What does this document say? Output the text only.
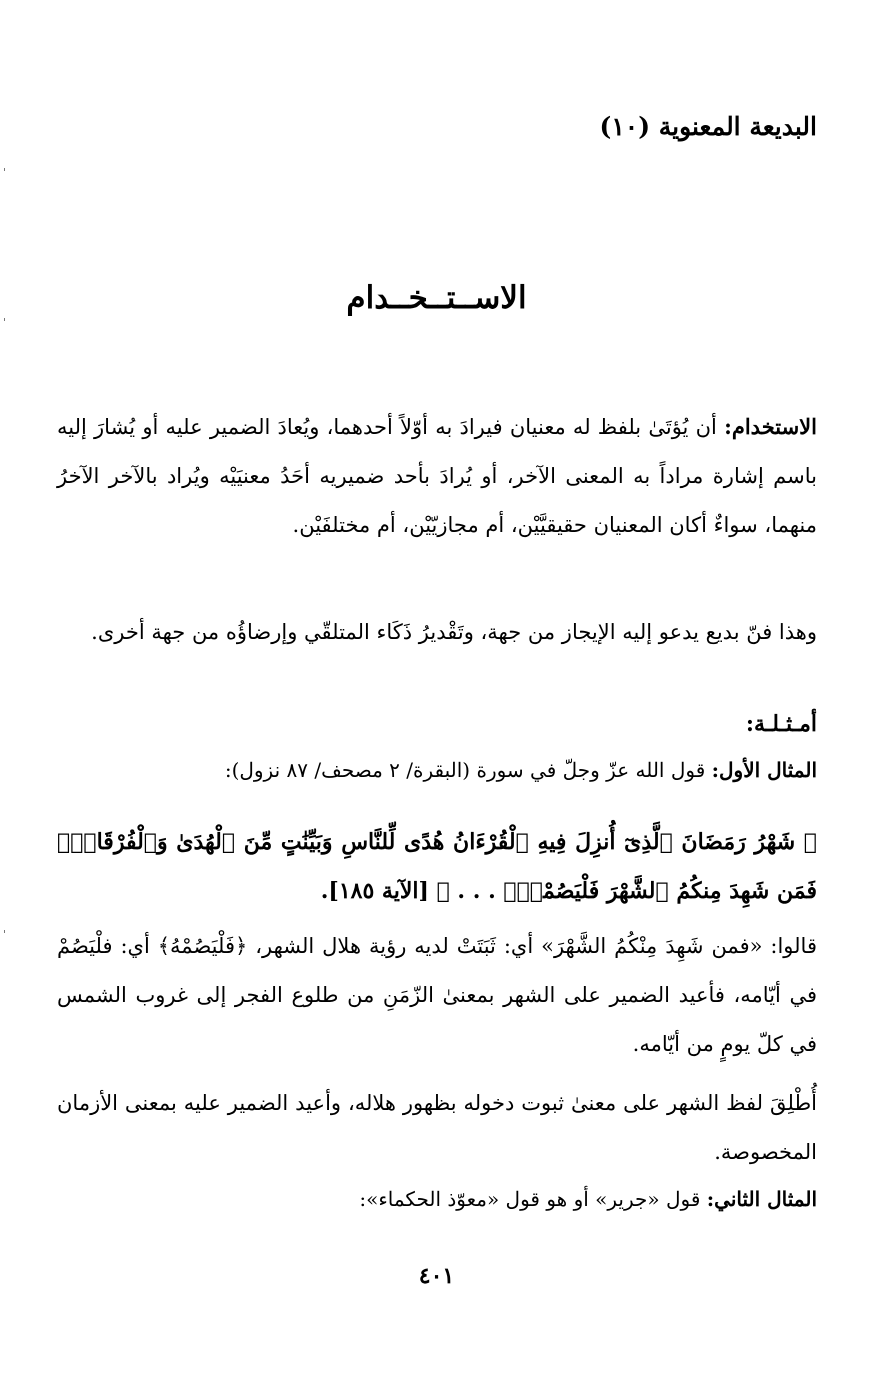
البديعة المعنوية (١٠)
الاســتــخــدام
الاستخدام: أن يُؤتَىٰ بلفظ له معنيان فيرادَ به أوّلاً أحدهما، ويُعادَ الضمير عليه أو يُشارَ إليه باسم إشارة مراداً به المعنى الآخر، أو يُرادَ بأحد ضميريه أحَدُ معنيَيْه ويُراد بالآخر الآخرُ منهما، سواءٌ أكان المعنيان حقيقيَّيْن، أم مجازيّيْن، أم مختلفَيْن.
وهذا فنّ بديع يدعو إليه الإيجاز من جهة، وتَقْديرُ ذَكَاء المتلقّي وإرضاؤُه من جهة أخرى.
أمـثـلـة:
المثال الأول: قول الله عزّ وجلّ في سورة (البقرة/ ٢ مصحف/ ٨٧ نزول):
﴿ شَهْرُ رَمَضَانَ ٱلَّذِىٓ أُنزِلَ فِيهِ ٱلْقُرْءَانُ هُدًى لِّلنَّاسِ وَبَيِّنَٰتٍ مِّنَ ٱلْهُدَىٰ وَٱلْفُرْقَانِۚ فَمَن شَهِدَ مِنكُمُ ٱلشَّهْرَ فَلْيَصُمْهُۖ . . . ﴾ [الآية ١٨٥].
قالوا: «فمن شَهِدَ مِنْكُمُ الشَّهْرَ» أي: ثَبَتَتْ لديه رؤية هلال الشهر، ﴿فَلْيَصُمْهُ﴾ أي: فلْيَصُمْ في أيّامه، فأعيد الضمير على الشهر بمعنىٰ الزّمَنِ من طلوع الفجر إلى غروب الشمس في كلّ يومٍ من أيّامه.
أُطْلِقَ لفظ الشهر على معنىٰ ثبوت دخوله بظهور هلاله، وأعيد الضمير عليه بمعنى الأزمان المخصوصة.
المثال الثاني: قول «جرير» أو هو قول «معوّذ الحكماء»:
٤٠١
